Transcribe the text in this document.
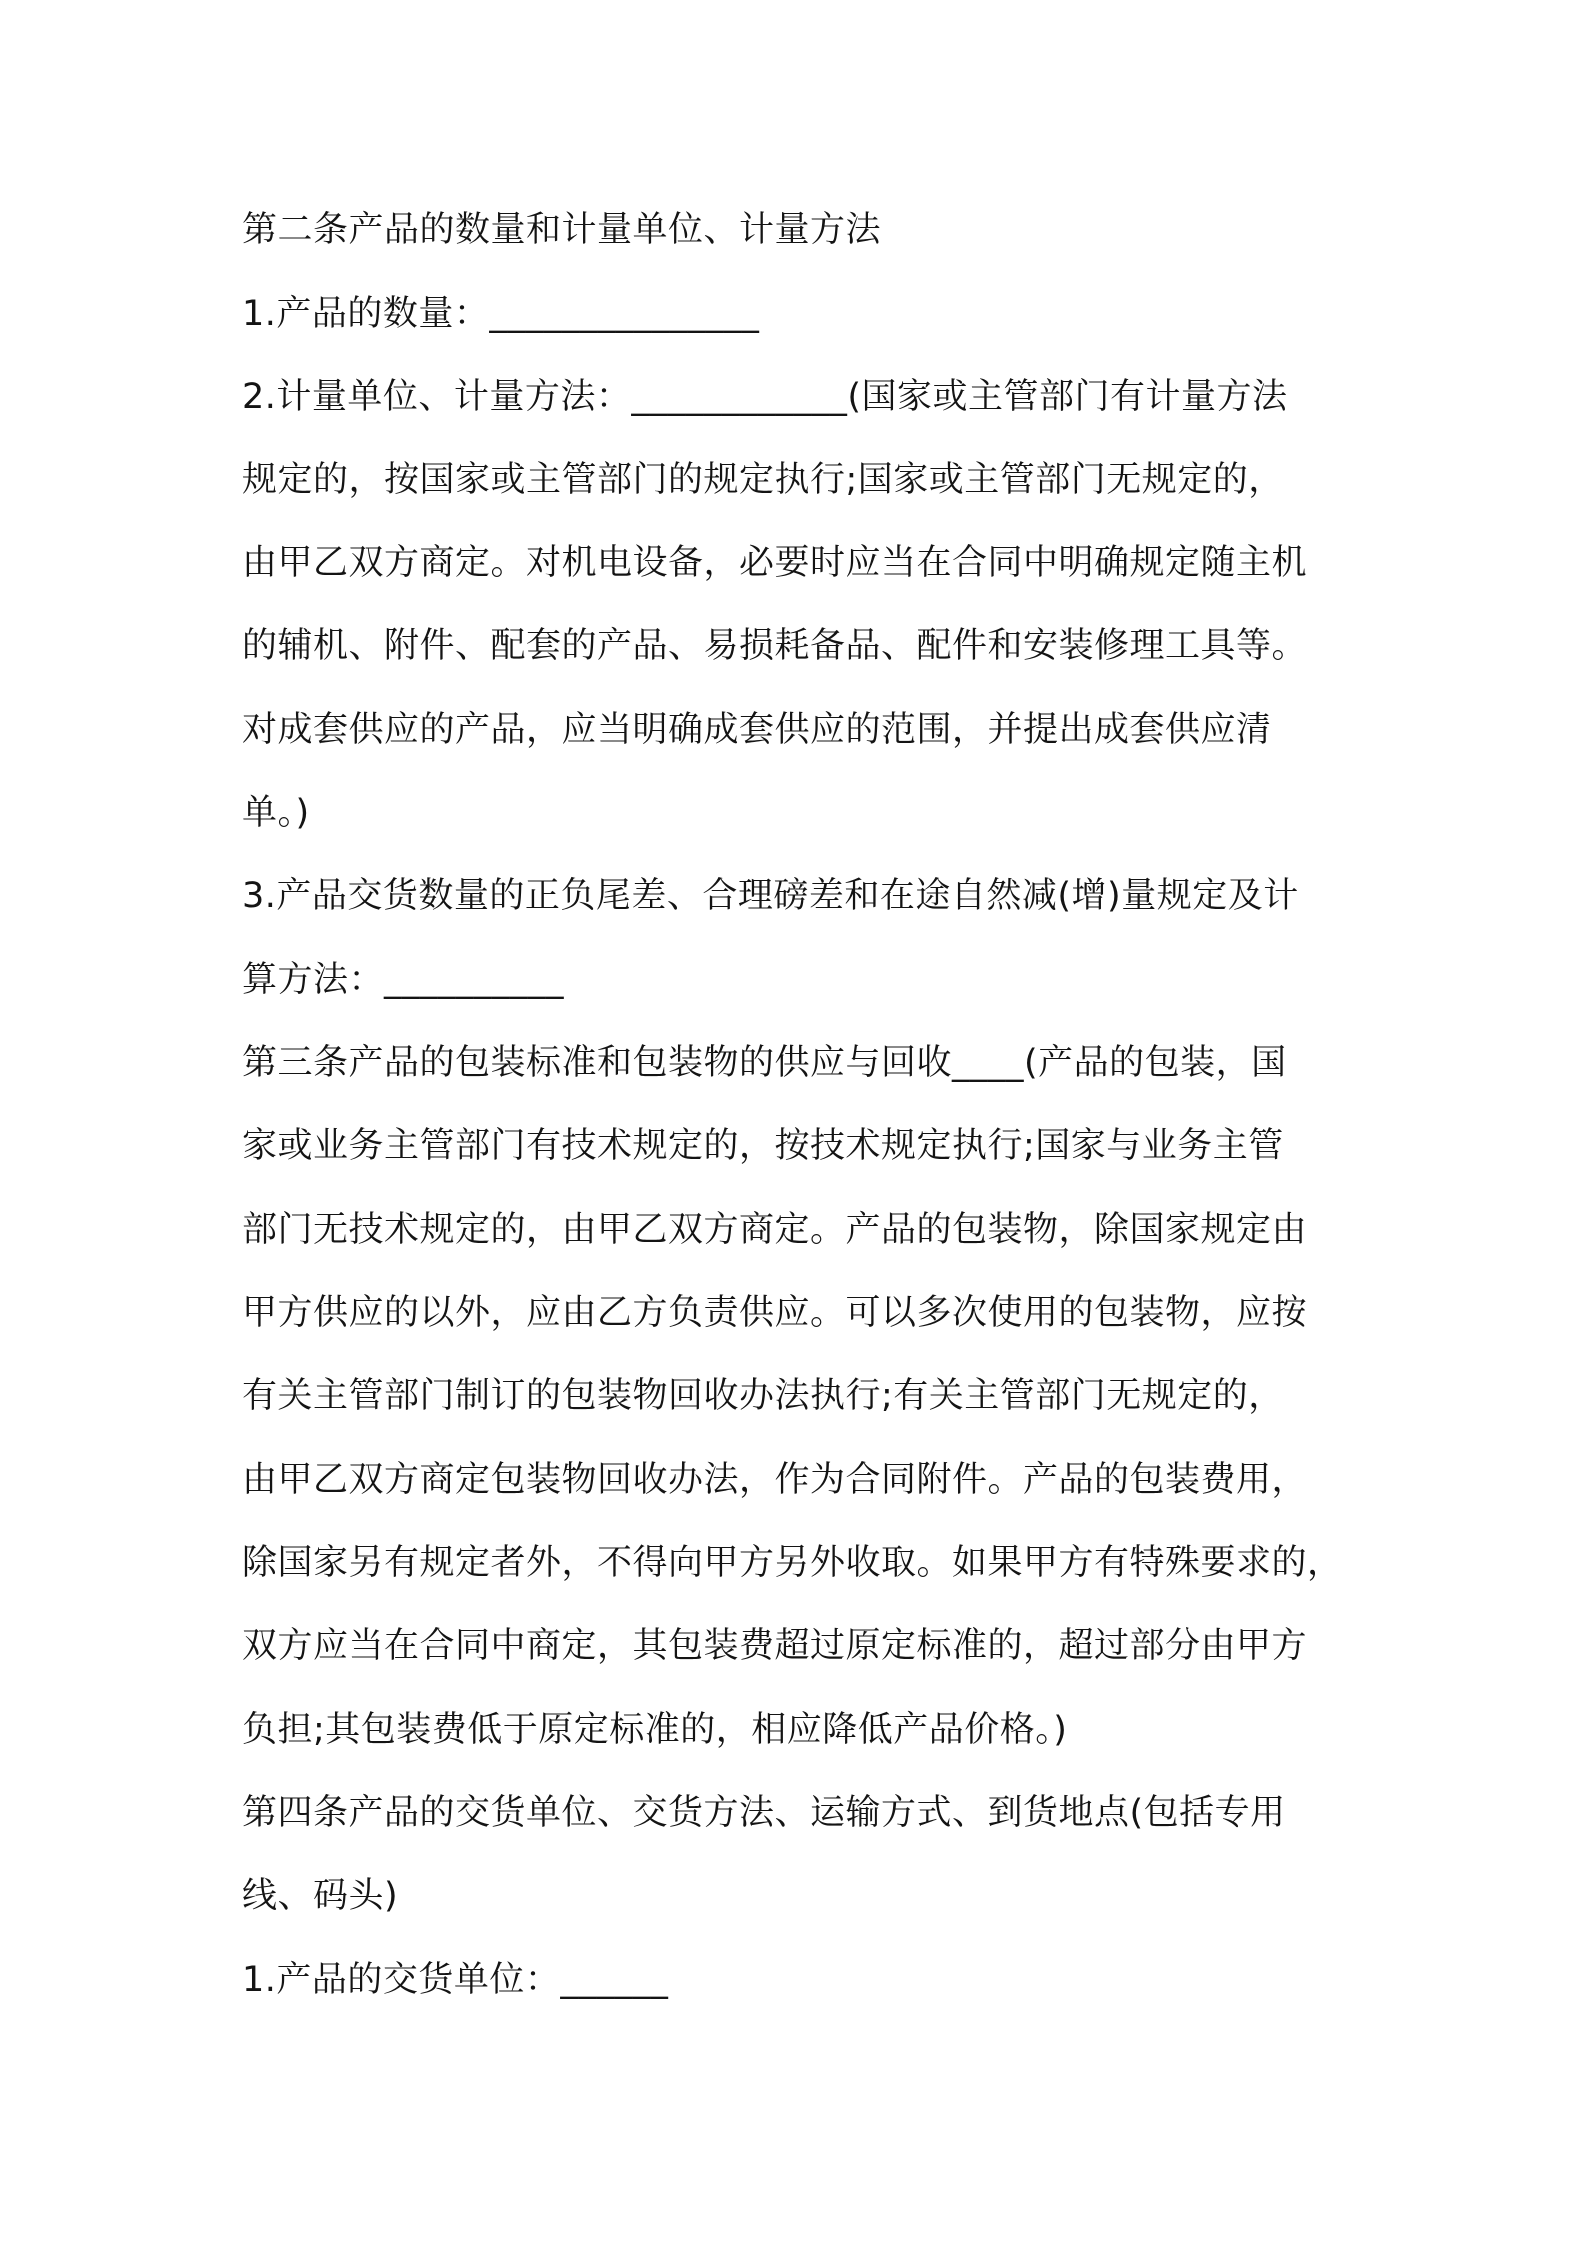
第二条产品的数量和计量单位、计量方法
1.产品的数量：_______________
2.计量单位、计量方法：____________(国家或主管部门有计量方法
规定的，按国家或主管部门的规定执行;国家或主管部门无规定的，
由甲乙双方商定。对机电设备，必要时应当在合同中明确规定随主机
的辅机、附件、配套的产品、易损耗备品、配件和安装修理工具等。
对成套供应的产品，应当明确成套供应的范围，并提出成套供应清
单。)
3.产品交货数量的正负尾差、合理磅差和在途自然减(增)量规定及计
算方法：__________
第三条产品的包装标准和包装物的供应与回收____(产品的包装，国
家或业务主管部门有技术规定的，按技术规定执行;国家与业务主管
部门无技术规定的，由甲乙双方商定。产品的包装物，除国家规定由
甲方供应的以外，应由乙方负责供应。可以多次使用的包装物，应按
有关主管部门制订的包装物回收办法执行;有关主管部门无规定的，
由甲乙双方商定包装物回收办法，作为合同附件。产品的包装费用，
除国家另有规定者外，不得向甲方另外收取。如果甲方有特殊要求的，
双方应当在合同中商定，其包装费超过原定标准的，超过部分由甲方
负担;其包装费低于原定标准的，相应降低产品价格。)
第四条产品的交货单位、交货方法、运输方式、到货地点(包括专用
线、码头)
1.产品的交货单位：______
